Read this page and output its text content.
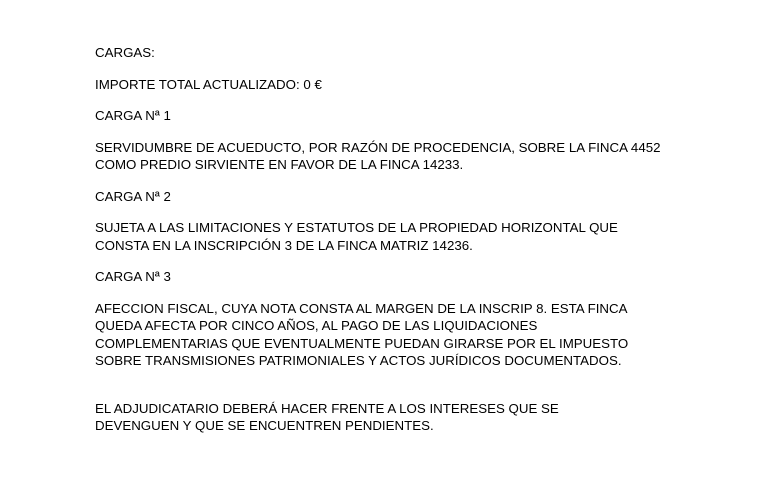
CARGAS:

IMPORTE TOTAL ACTUALIZADO: 0 €

CARGA Nª 1

SERVIDUMBRE DE ACUEDUCTO, POR RAZÓN DE PROCEDENCIA, SOBRE LA FINCA 4452 COMO PREDIO SIRVIENTE EN FAVOR DE LA FINCA 14233.

CARGA Nª 2

SUJETA A LAS LIMITACIONES Y ESTATUTOS DE LA PROPIEDAD HORIZONTAL QUE CONSTA EN LA INSCRIPCIÓN 3 DE LA FINCA MATRIZ 14236.

CARGA Nª 3

AFECCION FISCAL, CUYA NOTA CONSTA AL MARGEN DE LA INSCRIP 8. ESTA FINCA QUEDA AFECTA POR CINCO AÑOS, AL PAGO DE LAS LIQUIDACIONES COMPLEMENTARIAS QUE EVENTUALMENTE PUEDAN GIRARSE POR EL IMPUESTO SOBRE TRANSMISIONES PATRIMONIALES Y ACTOS JURÍDICOS DOCUMENTADOS.

EL ADJUDICATARIO DEBERÁ HACER FRENTE A LOS INTERESES QUE SE

DEVENGUEN Y QUE SE ENCUENTREN PENDIENTES.
